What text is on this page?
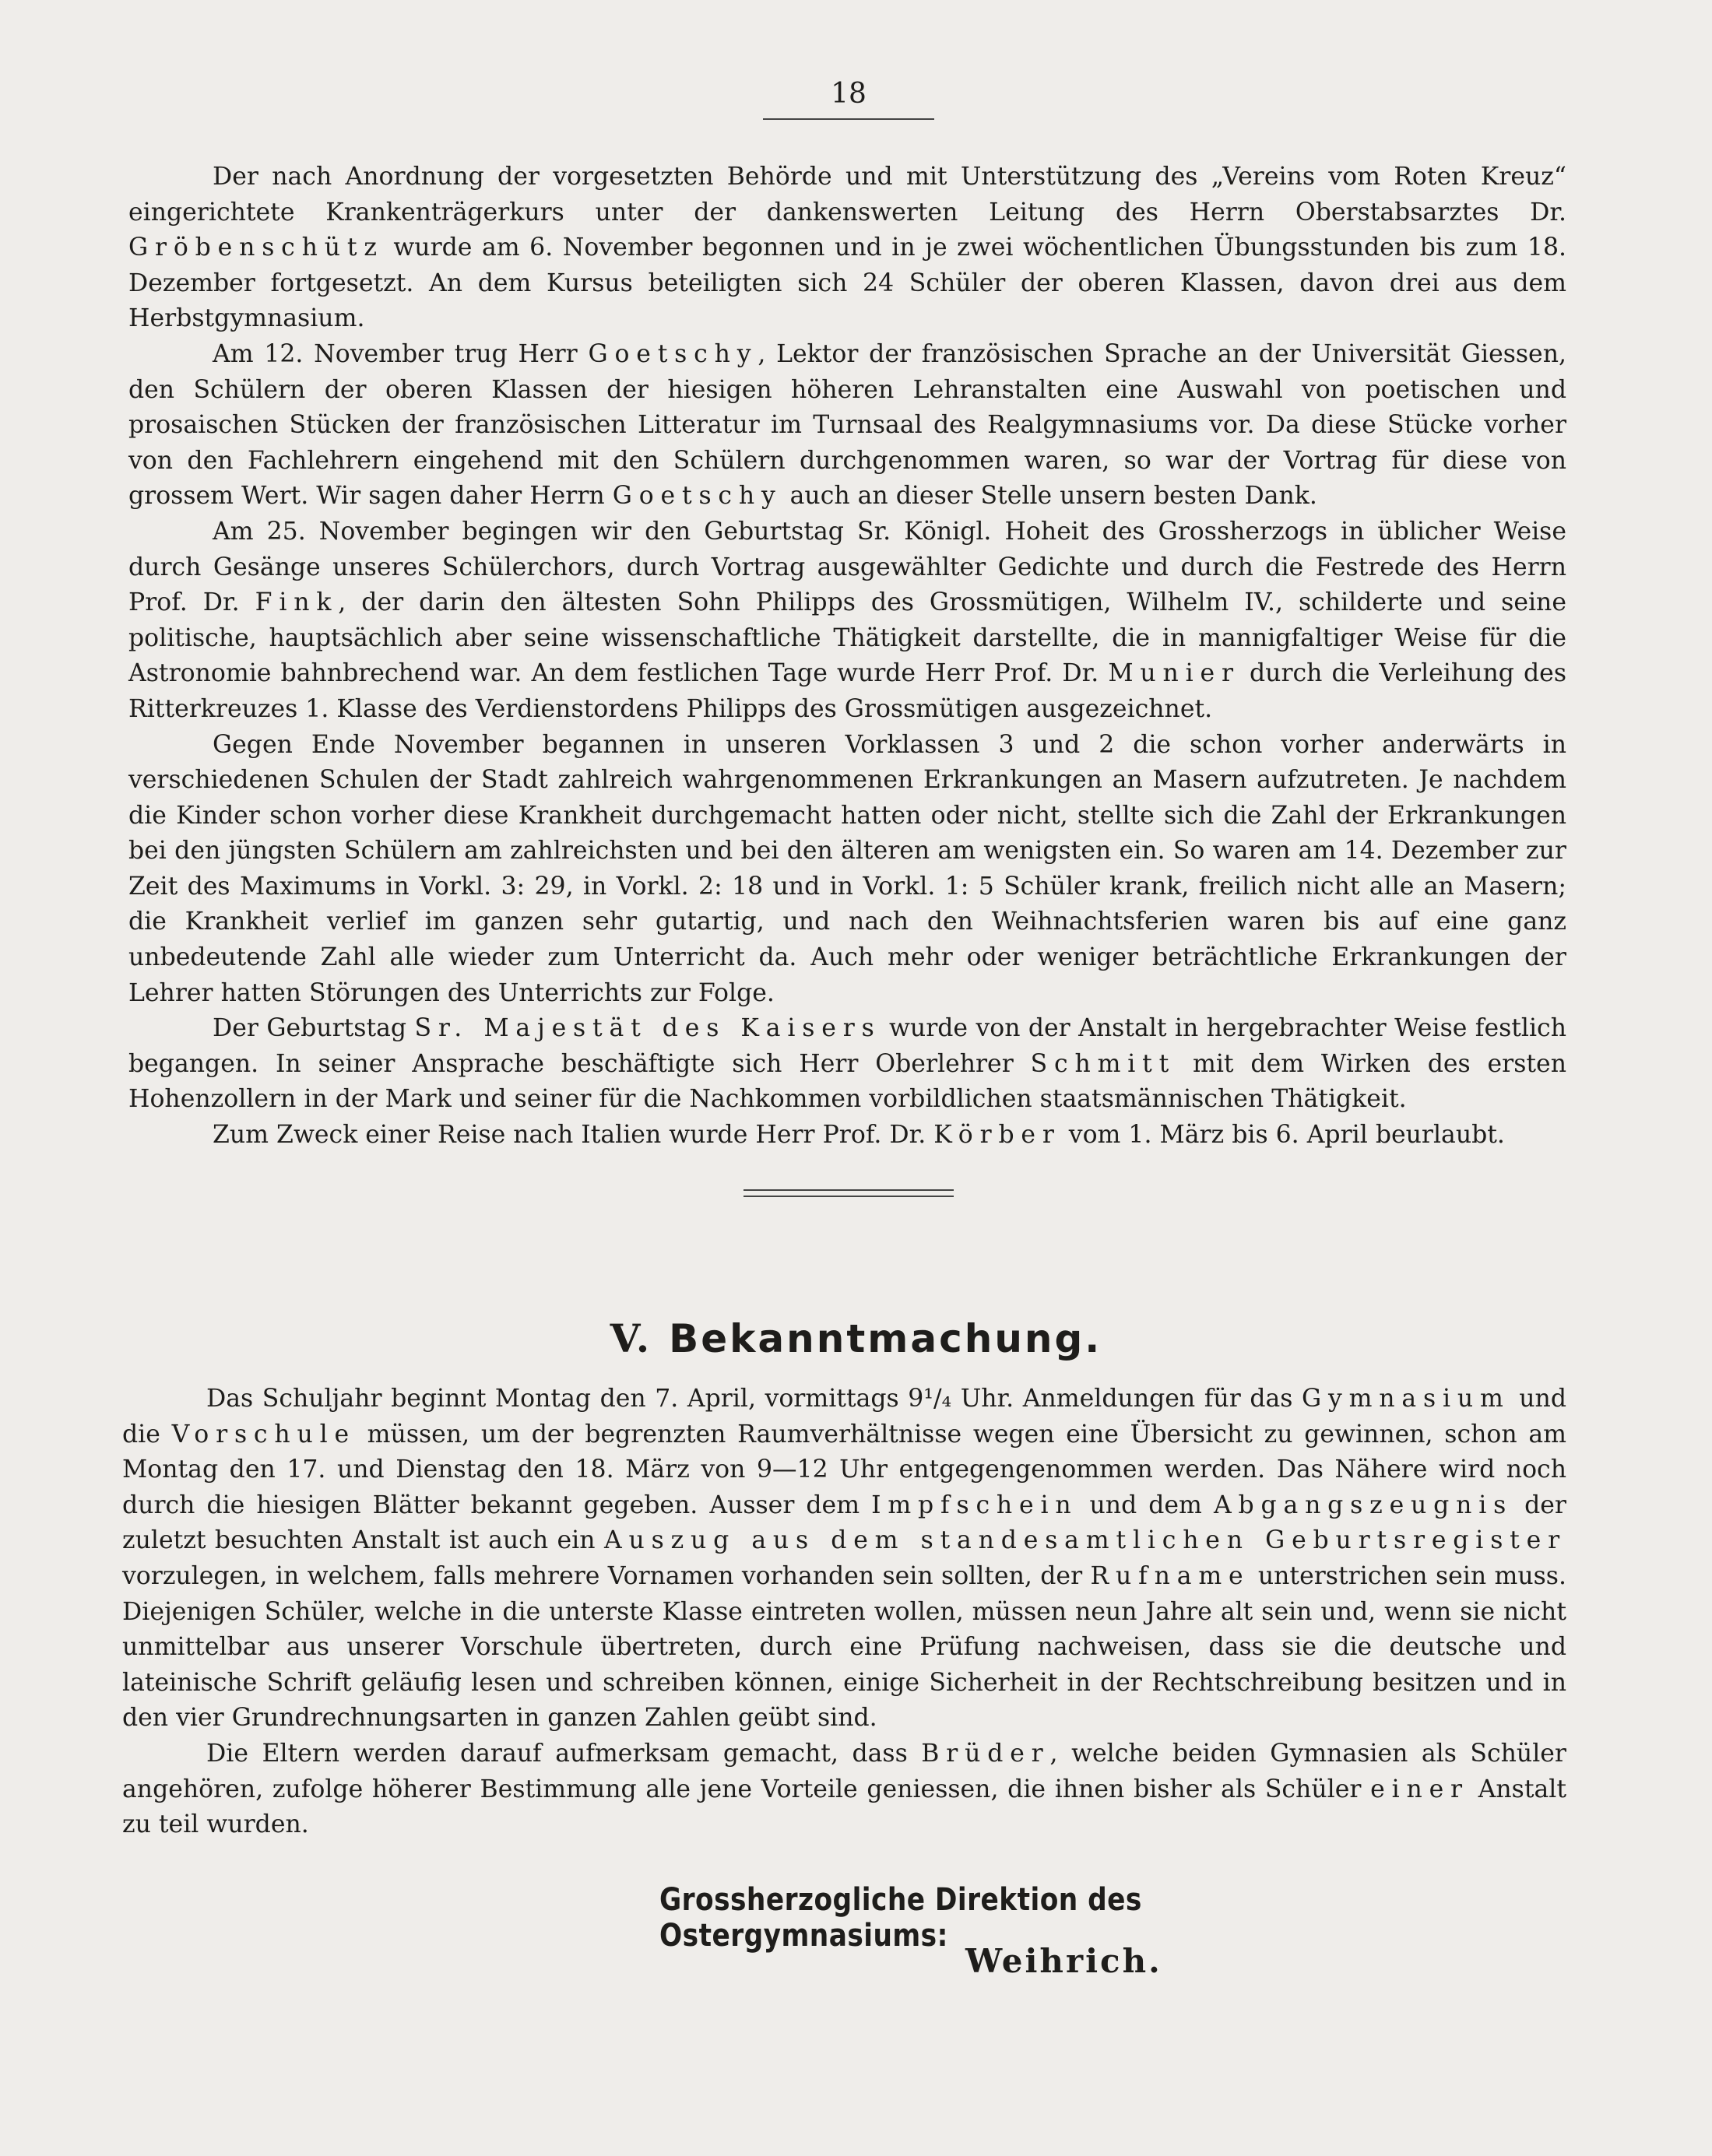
18

Der nach Anordnung der vorgesetzten Behörde und mit Unterstützung des „Vereins vom Roten Kreuz“ eingerichtete Krankenträgerkurs unter der dankenswerten Leitung des Herrn Oberstabsarztes Dr. Gröbenschütz wurde am 6. November begonnen und in je zwei wöchentlichen Übungsstunden bis zum 18. Dezember fortgesetzt. An dem Kursus beteiligten sich 24 Schüler der oberen Klassen, davon drei aus dem Herbstgymnasium.

Am 12. November trug Herr Goetschy, Lektor der französischen Sprache an der Universität Giessen, den Schülern der oberen Klassen der hiesigen höheren Lehranstalten eine Auswahl von poetischen und prosaischen Stücken der französischen Litteratur im Turnsaal des Realgymnasiums vor. Da diese Stücke vorher von den Fachlehrern eingehend mit den Schülern durchgenommen waren, so war der Vortrag für diese von grossem Wert. Wir sagen daher Herrn Goetschy auch an dieser Stelle unsern besten Dank.

Am 25. November begingen wir den Geburtstag Sr. Königl. Hoheit des Grossherzogs in üblicher Weise durch Gesänge unseres Schülerchors, durch Vortrag ausgewählter Gedichte und durch die Festrede des Herrn Prof. Dr. Fink, der darin den ältesten Sohn Philipps des Grossmütigen, Wilhelm IV., schilderte und seine politische, hauptsächlich aber seine wissenschaftliche Thätigkeit darstellte, die in mannigfaltiger Weise für die Astronomie bahnbrechend war. An dem festlichen Tage wurde Herr Prof. Dr. Munier durch die Verleihung des Ritterkreuzes 1. Klasse des Verdienstordens Philipps des Grossmütigen ausgezeichnet.

Gegen Ende November begannen in unseren Vorklassen 3 und 2 die schon vorher anderwärts in verschiedenen Schulen der Stadt zahlreich wahrgenommenen Erkrankungen an Masern aufzutreten. Je nachdem die Kinder schon vorher diese Krankheit durchgemacht hatten oder nicht, stellte sich die Zahl der Erkrankungen bei den jüngsten Schülern am zahlreichsten und bei den älteren am wenigsten ein. So waren am 14. Dezember zur Zeit des Maximums in Vorkl. 3: 29, in Vorkl. 2: 18 und in Vorkl. 1: 5 Schüler krank, freilich nicht alle an Masern; die Krankheit verlief im ganzen sehr gutartig, und nach den Weihnachtsferien waren bis auf eine ganz unbedeutende Zahl alle wieder zum Unterricht da. Auch mehr oder weniger beträchtliche Erkrankungen der Lehrer hatten Störungen des Unterrichts zur Folge.

Der Geburtstag Sr. Majestät des Kaisers wurde von der Anstalt in hergebrachter Weise festlich begangen. In seiner Ansprache beschäftigte sich Herr Oberlehrer Schmitt mit dem Wirken des ersten Hohenzollern in der Mark und seiner für die Nachkommen vorbildlichen staatsmännischen Thätigkeit.

Zum Zweck einer Reise nach Italien wurde Herr Prof. Dr. Körber vom 1. März bis 6. April beurlaubt.

V. Bekanntmachung.

Das Schuljahr beginnt Montag den 7. April, vormittags 9¹/₄ Uhr. Anmeldungen für das Gymnasium und die Vorschule müssen, um der begrenzten Raumverhältnisse wegen eine Übersicht zu gewinnen, schon am Montag den 17. und Dienstag den 18. März von 9—12 Uhr entgegengenommen werden. Das Nähere wird noch durch die hiesigen Blätter bekannt gegeben. Ausser dem Impfschein und dem Abgangszeugnis der zuletzt besuchten Anstalt ist auch ein Auszug aus dem standesamtlichen Geburtsregister vorzulegen, in welchem, falls mehrere Vornamen vorhanden sein sollten, der Rufname unterstrichen sein muss. Diejenigen Schüler, welche in die unterste Klasse eintreten wollen, müssen neun Jahre alt sein und, wenn sie nicht unmittelbar aus unserer Vorschule übertreten, durch eine Prüfung nachweisen, dass sie die deutsche und lateinische Schrift geläufig lesen und schreiben können, einige Sicherheit in der Rechtschreibung besitzen und in den vier Grundrechnungsarten in ganzen Zahlen geübt sind.

Die Eltern werden darauf aufmerksam gemacht, dass Brüder, welche beiden Gymnasien als Schüler angehören, zufolge höherer Bestimmung alle jene Vorteile geniessen, die ihnen bisher als Schüler einer Anstalt zu teil wurden.

Grossherzogliche Direktion des Ostergymnasiums:
Weihrich.
